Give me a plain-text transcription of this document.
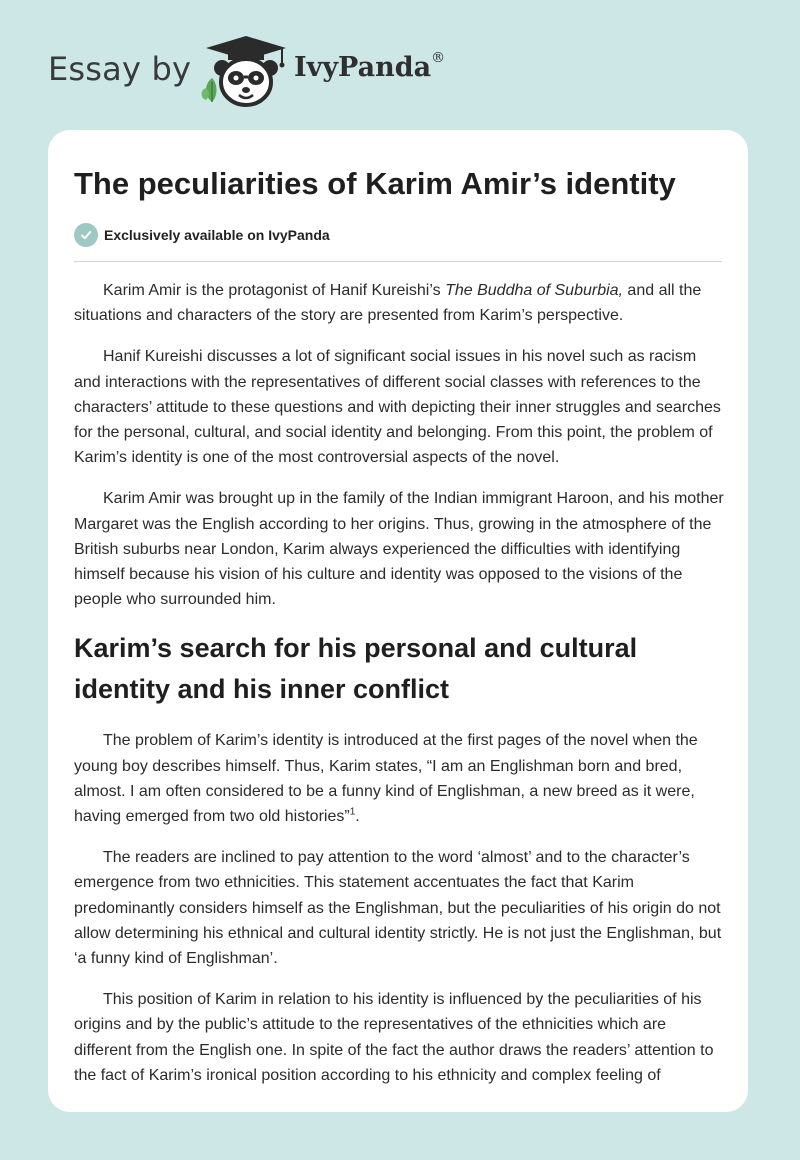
Essay by	IvyPanda®
The peculiarities of Karim Amir’s identity
Exclusively available on IvyPanda

Karim Amir is the protagonist of Hanif Kureishi’s The Buddha of Suburbia, and all the situations and characters of the story are presented from Karim’s perspective.

Hanif Kureishi discusses a lot of significant social issues in his novel such as racism and interactions with the representatives of different social classes with references to the characters’ attitude to these questions and with depicting their inner struggles and searches for the personal, cultural, and social identity and belonging. From this point, the problem of Karim’s identity is one of the most controversial aspects of the novel.

Karim Amir was brought up in the family of the Indian immigrant Haroon, and his mother Margaret was the English according to her origins. Thus, growing in the atmosphere of the British suburbs near London, Karim always experienced the difficulties with identifying himself because his vision of his culture and identity was opposed to the visions of the people who surrounded him.

Karim’s search for his personal and cultural identity and his inner conflict

The problem of Karim’s identity is introduced at the first pages of the novel when the young boy describes himself. Thus, Karim states, “I am an Englishman born and bred, almost. I am often considered to be a funny kind of Englishman, a new breed as it were, having emerged from two old histories”$^1$.

The readers are inclined to pay attention to the word ‘almost’ and to the character’s emergence from two ethnicities. This statement accentuates the fact that Karim predominantly considers himself as the Englishman, but the peculiarities of his origin do not allow determining his ethnical and cultural identity strictly. He is not just the Englishman, but ‘a funny kind of Englishman’.

This position of Karim in relation to his identity is influenced by the peculiarities of his origins and by the public’s attitude to the representatives of the ethnicities which are different from the English one. In spite of the fact the author draws the readers’ attention to the fact of Karim’s ironical position according to his ethnicity and complex feeling of
